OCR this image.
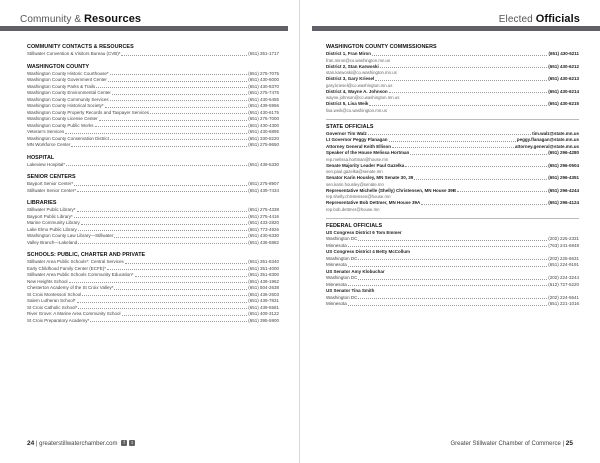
Community & Resources
COMMUNITY CONTACTS & RESOURCES
Stillwater Convention & Visitors Bureau (CVB)*	(651) 351-1717
WASHINGTON COUNTY
Washington County Historic Courthouse*	(651) 275-7075
Washington County Government Center	(651) 430-6000
Washington County Parks & Trails	(651) 430-8370
Washington County Environmental Center	(651) 275-7475
Washington County Community Services	(651) 430-6455
Washington County Historical Society*	(651) 439-5956
Washington County Property Records and Taxpayer Services	(651) 430-6175
Washington County License Center	(651) 275-7000
Washington County Public Works	(651) 430-4300
Veteran's Services	(651) 430-6895
Washington County Conservation District	(651) 330-8220
MN Workforce Center	(651) 275-8650
HOSPITAL
Lakeview Hospital*	(651) 439-5330
SENIOR CENTERS
Bayport Senior Center*	(651) 275-8907
Stillwater Senior Center*	(651) 439-7434
LIBRARIES
Stillwater Public Library*	(651) 275-4338
Bayport Public Library*	(651) 275-4416
Marine Community Library	(651) 433-2820
Lake Elmo Public Library	(651) 773-4926
Washington County Law Library—Stillwater	(651) 430-6330
Valley Branch—Lakeland	(651) 436-5882
SCHOOLS: PUBLIC, CHARTER AND PRIVATE
Stillwater Area Public Schools*: Central Services	(651) 351-8340
Early Childhood Family Center (ECFE)*	(651) 351-4000
Stillwater Area Public Schools Community Education*	(651) 351-8300
New Heights School	(651) 439-1962
Chesterton Academy of the St Croix Valley*	(651) 504-2638
St Croix Montessori School	(651) 436-2603
Salem Lutheran School*	(651) 439-7831
St Croix Catholic School*	(651) 439-5581
River Grove: A Marine Area Community School	(651) 409-3122
St Croix Preparatory Academy*	(651) 395-5900
24 | greaterstillwaterchamber.com f t
Elected Officials
WASHINGTON COUNTY COMMISSIONERS
District 1, Fran Miron	(651) 430-6211
fran.miron@co.washington.mn.us
District 2, Stan Karwoski	(651) 430-6212
stan.karwoski@co.washington.mn.us
District 3, Gary Kriesel	(651) 430-6213
gary.kriesel@co.washington.mn.us
District 4, Wayne A. Johnson	(651) 430-6214
wayne.johnson@co.washington.mn.us
District 5, Lisa Weik	(651) 430-6215
lisa.weik@co.washington.mn.us
STATE OFFICIALS
Governor Tim Walz	tim.walz@state.mn.us
Lt Governor Peggy Flanagan	peggy.flanagan@state.mn.us
Attorney General Keith Ellison	attorney.general@state.mn.us
Speaker of the House Melissa Hortman	(651) 296-4280
rep.melissa.hortman@house.mn
Senate Majority Leader Paul Gazelka	(651) 296-0504
sen.paul.gazelka@senate.mn
Senator Karin Housley, MN Senate 30, 39	(651) 296-4351
sen.karin.housley@senate.mn
Representative Michelle (Shelly) Christensen, MN House 39B	(651) 296-4244
rep.shelly.christensen@house.mn
Representative Bob Dettmer, MN House 39A	(651) 296-4124
rep.bob.dettmer@house.mn
FEDERAL OFFICIALS
US Congress District 6 Tom Emmer
Washington DC	(202) 225-2331
Minnesota	(763) 241-6848
US Congress District 4 Betty McCollum
Washington DC	(202) 225-6631
Minnesota	(651) 224-9191
US Senator Amy Klobuchar
Washington DC	(202) 224-3244
Minnesota	(612) 727-5220
US Senator Tina Smith
Washington DC	(202) 224-5641
Minnesota	(651) 221-1016
Greater Stillwater Chamber of Commerce | 25
